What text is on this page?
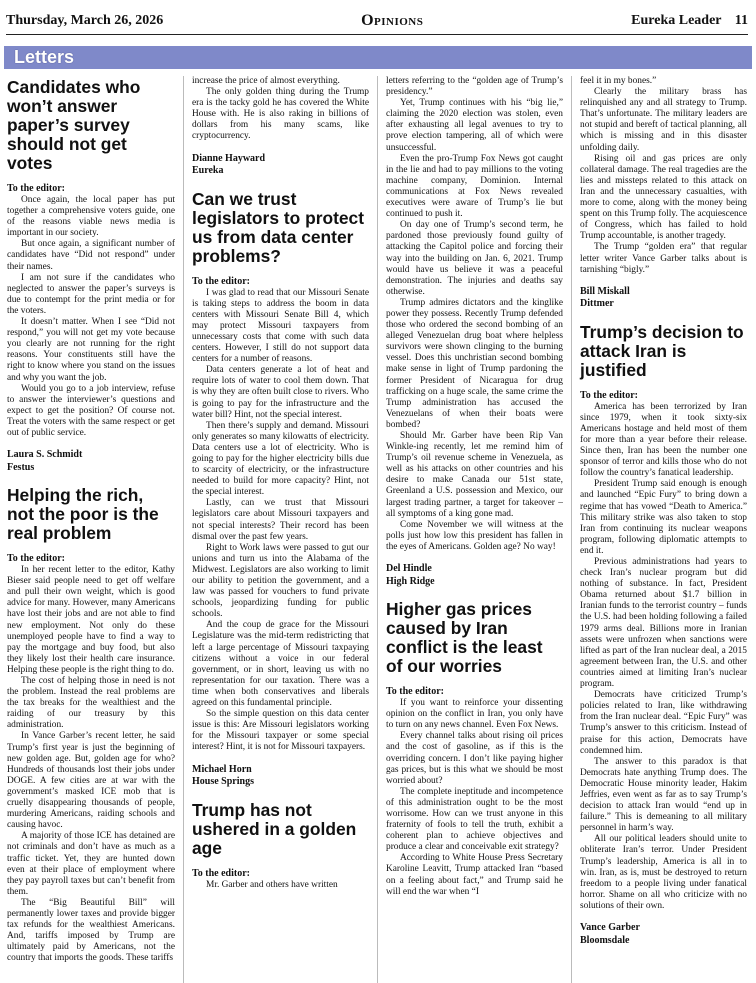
Thursday, March 26, 2026	Opinions	Eureka Leader 11
Letters
Candidates who won’t answer paper’s survey should not get votes
To the editor:

Once again, the local paper has put together a comprehensive voters guide, one of the reasons viable news media is important in our society.

But once again, a significant number of candidates have “Did not respond” under their names.

I am not sure if the candidates who neglected to answer the paper’s surveys is due to contempt for the print media or for the voters.

It doesn’t matter. When I see “Did not respond,” you will not get my vote because you clearly are not running for the right reasons. Your constituents still have the right to know where you stand on the issues and why you want the job.

Would you go to a job interview, refuse to answer the interviewer’s questions and expect to get the position? Of course not. Treat the voters with the same respect or get out of public service.

Laura S. Schmidt
Festus
Helping the rich, not the poor is the real problem
To the editor:

In her recent letter to the editor, Kathy Bieser said people need to get off welfare and pull their own weight, which is good advice for many. However, many Americans have lost their jobs and are not able to find new employment. Not only do these unemployed people have to find a way to pay the mortgage and buy food, but also they likely lost their health care insurance. Helping these people is the right thing to do.

The cost of helping those in need is not the problem. Instead the real problems are the tax breaks for the wealthiest and the raiding of our treasury by this administration.

In Vance Garber’s recent letter, he said Trump’s first year is just the beginning of new golden age. But, golden age for who? Hundreds of thousands lost their jobs under DOGE. A few cities are at war with the government’s masked ICE mob that is cruelly disappearing thousands of people, murdering Americans, raiding schools and causing havoc.

A majority of those ICE has detained are not criminals and don’t have as much as a traffic ticket. Yet, they are hunted down even at their place of employment where they pay payroll taxes but can’t benefit from them.

The “Big Beautiful Bill” will permanently lower taxes and provide bigger tax refunds for the wealthiest Americans. And, tariffs imposed by Trump are ultimately paid by Americans, not the country that imports the goods. These tariffs

increase the price of almost everything.

The only golden thing during the Trump era is the tacky gold he has covered the White House with. He is also raking in billions of dollars from his many scams, like cryptocurrency.

Dianne Hayward
Eureka
Can we trust legislators to protect us from data center problems?
To the editor:

I was glad to read that our Missouri Senate is taking steps to address the boom in data centers with Missouri Senate Bill 4, which may protect Missouri taxpayers from unnecessary costs that come with such data centers. However, I still do not support data centers for a number of reasons.

Data centers generate a lot of heat and require lots of water to cool them down. That is why they are often built close to rivers. Who is going to pay for the infrastructure and the water bill? Hint, not the special interest.

Then there’s supply and demand. Missouri only generates so many kilowatts of electricity. Data centers use a lot of electricity. Who is going to pay for the higher electricity bills due to scarcity of electricity, or the infrastructure needed to build for more capacity? Hint, not the special interest.

Lastly, can we trust that Missouri legislators care about Missouri taxpayers and not special interests? Their record has been dismal over the past few years.

Right to Work laws were passed to gut our unions and turn us into the Alabama of the Midwest. Legislators are also working to limit our ability to petition the government, and a law was passed for vouchers to fund private schools, jeopardizing funding for public schools.

And the coup de grace for the Missouri Legislature was the mid-term redistricting that left a large percentage of Missouri taxpaying citizens without a voice in our federal government, or in short, leaving us with no representation for our taxation. There was a time when both conservatives and liberals agreed on this fundamental principle.

So the simple question on this data center issue is this: Are Missouri legislators working for the Missouri taxpayer or some special interest? Hint, it is not for Missouri taxpayers.

Michael Horn
House Springs
Trump has not ushered in a golden age
To the editor:

Mr. Garber and others have written

letters referring to the “golden age of Trump’s presidency.”

Yet, Trump continues with his “big lie,” claiming the 2020 election was stolen, even after exhausting all legal avenues to try to prove election tampering, all of which were unsuccessful.

Even the pro-Trump Fox News got caught in the lie and had to pay millions to the voting machine company, Dominion. Internal communications at Fox News revealed executives were aware of Trump’s lie but continued to push it.

On day one of Trump’s second term, he pardoned those previously found guilty of attacking the Capitol police and forcing their way into the building on Jan. 6, 2021. Trump would have us believe it was a peaceful demonstration. The injuries and deaths say otherwise.

Trump admires dictators and the kinglike power they possess. Recently Trump defended those who ordered the second bombing of an alleged Venezuelan drug boat where helpless survivors were shown clinging to the burning vessel. Does this unchristian second bombing make sense in light of Trump pardoning the former President of Nicaragua for drug trafficking on a huge scale, the same crime the Trump administration has accused the Venezuelans of when their boats were bombed?

Should Mr. Garber have been Rip Van Winkle-ing recently, let me remind him of Trump’s oil revenue scheme in Venezuela, as well as his attacks on other countries and his desire to make Canada our 51st state, Greenland a U.S. possession and Mexico, our largest trading partner, a target for takeover – all symptoms of a king gone mad.

Come November we will witness at the polls just how low this president has fallen in the eyes of Americans. Golden age? No way!

Del Hindle
High Ridge
Higher gas prices caused by Iran conflict is the least of our worries
To the editor:

If you want to reinforce your dissenting opinion on the conflict in Iran, you only have to turn on any news channel. Even Fox News.

Every channel talks about rising oil prices and the cost of gasoline, as if this is the overriding concern. I don’t like paying higher gas prices, but is this what we should be most worried about?

The complete ineptitude and incompetence of this administration ought to be the most worrisome. How can we trust anyone in this fraternity of fools to tell the truth, exhibit a coherent plan to achieve objectives and produce a clear and conceivable exit strategy?

According to White House Press Secretary Karoline Leavitt, Trump attacked Iran “based on a feeling about fact,” and Trump said he will end the war when “I

feel it in my bones.”

Clearly the military brass has relinquished any and all strategy to Trump. That’s unfortunate. The military leaders are not stupid and bereft of tactical planning, all which is missing and in this disaster unfolding daily.

Rising oil and gas prices are only collateral damage. The real tragedies are the lies and missteps related to this attack on Iran and the unnecessary casualties, with more to come, along with the money being spent on this Trump folly. The acquiescence of Congress, which has failed to hold Trump accountable, is another tragedy.

The Trump “golden era” that regular letter writer Vance Garber talks about is tarnishing “bigly.”

Bill Miskall
Dittmer
Trump’s decision to attack Iran is justified
To the editor:

America has been terrorized by Iran since 1979, when it took sixty-six Americans hostage and held most of them for more than a year before their release. Since then, Iran has been the number one sponsor of terror and kills those who do not follow the country’s fanatical leadership.

President Trump said enough is enough and launched “Epic Fury” to bring down a regime that has vowed “Death to America.” This military strike was also taken to stop Iran from continuing its nuclear weapons program, following diplomatic attempts to end it.

Previous administrations had years to check Iran’s nuclear program but did nothing of substance. In fact, President Obama returned about $1.7 billion in Iranian funds to the terrorist country – funds the U.S. had been holding following a failed 1979 arms deal. Billions more in Iranian assets were unfrozen when sanctions were lifted as part of the Iran nuclear deal, a 2015 agreement between Iran, the U.S. and other countries aimed at limiting Iran’s nuclear program.

Democrats have criticized Trump’s policies related to Iran, like withdrawing from the Iran nuclear deal. “Epic Fury” was Trump’s answer to this criticism. Instead of praise for this action, Democrats have condemned him.

The answer to this paradox is that Democrats hate anything Trump does. The Democratic House minority leader, Hakim Jeffries, even went as far as to say Trump’s decision to attack Iran would “end up in failure.” This is demeaning to all military personnel in harm’s way.

All our political leaders should unite to obliterate Iran’s terror. Under President Trump’s leadership, America is all in to win. Iran, as is, must be destroyed to return freedom to a people living under fanatical horror. Shame on all who criticize with no solutions of their own.

Vance Garber
Bloomsdale
